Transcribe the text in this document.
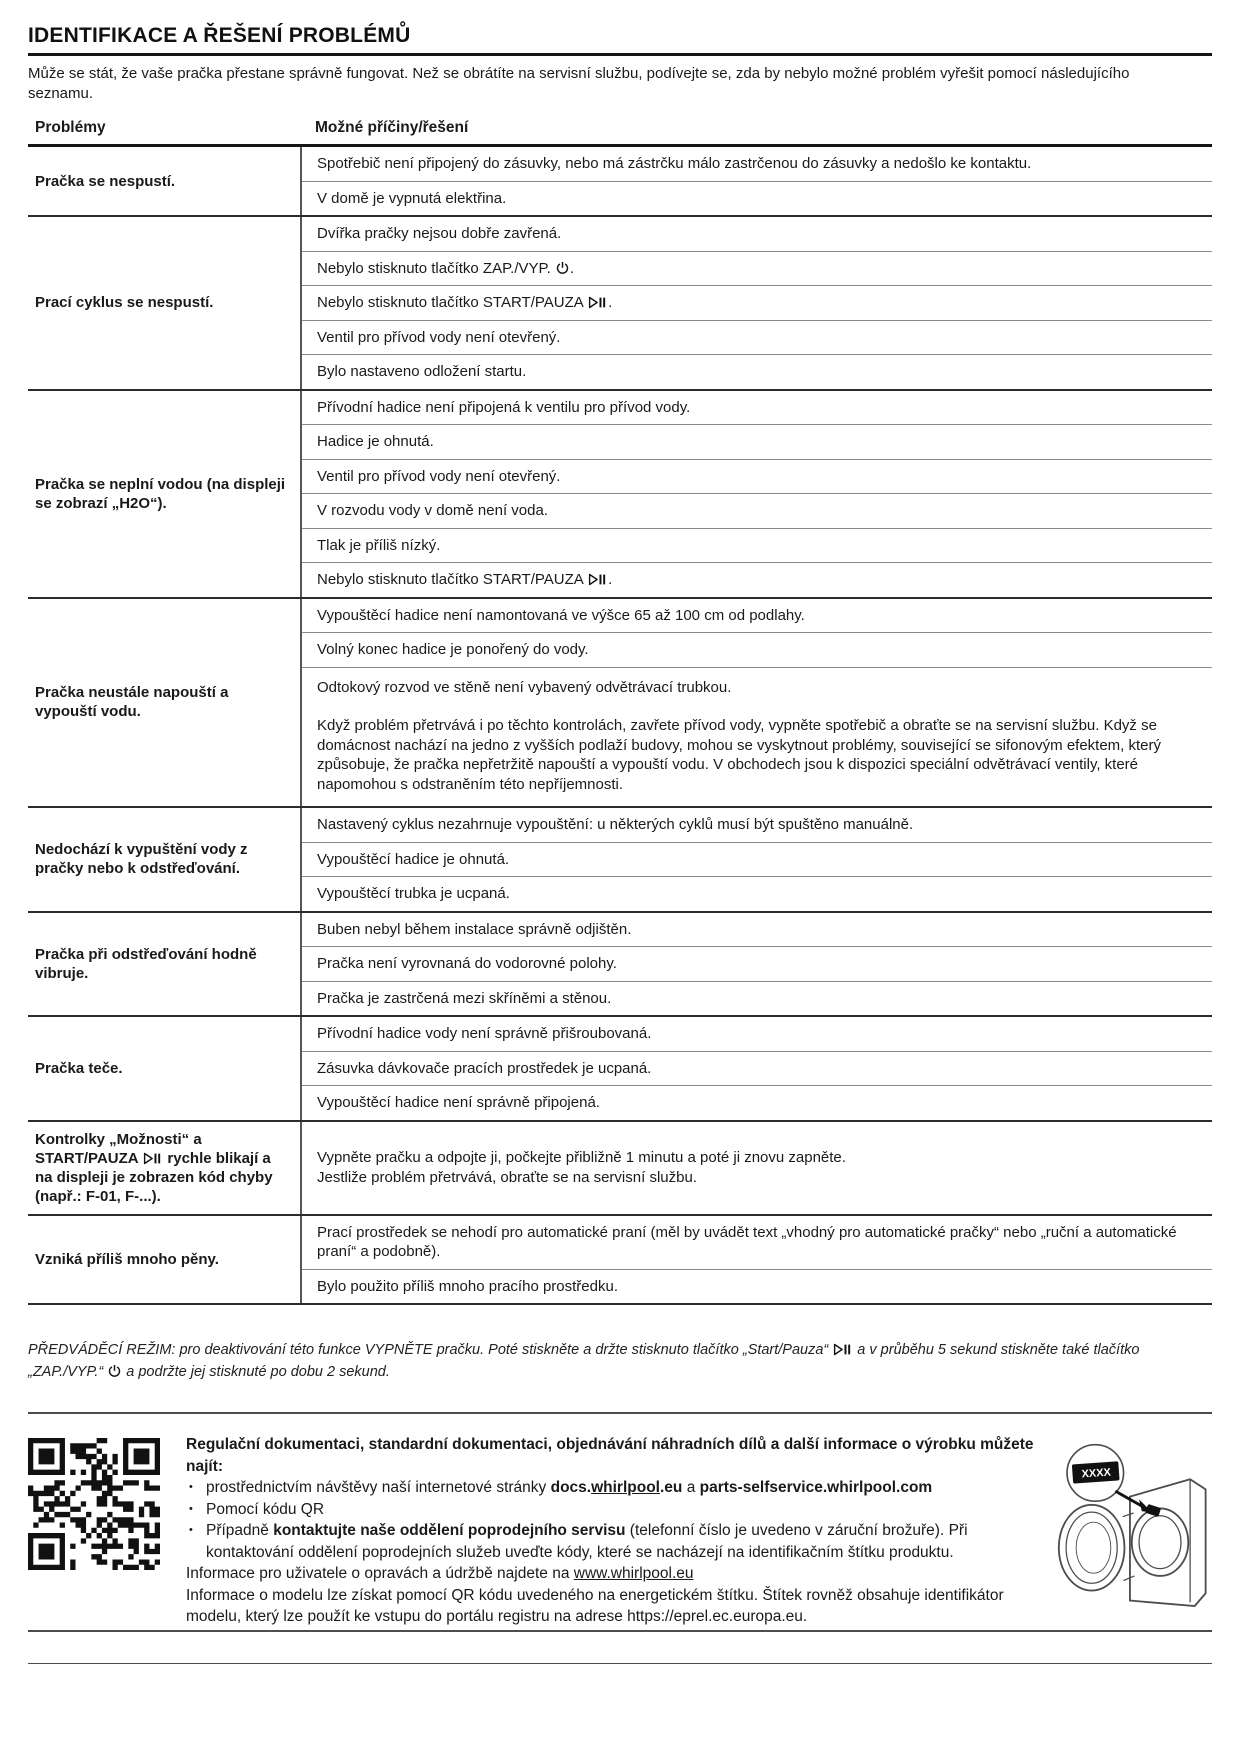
IDENTIFIKACE A ŘEŠENÍ PROBLÉMŮ

Může se stát, že vaše pračka přestane správně fungovat. Než se obrátíte na servisní službu, podívejte se, zda by nebylo možné problém vyřešit pomocí následujícího seznamu.

Problémy	Možné příčiny/řešení
Pračka se nespustí.
Spotřebič není připojený do zásuvky, nebo má zástrčku málo zastrčenou do zásuvky a nedošlo ke kontaktu.
V domě je vypnutá elektřina.
Prací cyklus se nespustí.
Dvířka pračky nejsou dobře zavřená.
Nebylo stisknuto tlačítko ZAP./VYP.
.
Nebylo stisknuto tlačítko START/PAUZA
.
Ventil pro přívod vody není otevřený.
Bylo nastaveno odložení startu.
Pračka se neplní vodou (na displeji se zobrazí „H2O“).
Přívodní hadice není připojená k ventilu pro přívod vody.
Hadice je ohnutá.
Ventil pro přívod vody není otevřený.
V rozvodu vody v domě není voda.
Tlak je příliš nízký.
Nebylo stisknuto tlačítko START/PAUZA
.
Pračka neustále napouští a vypouští vodu.
Vypouštěcí hadice není namontovaná ve výšce 65 až 100 cm od podlahy.
Volný konec hadice je ponořený do vody.
Odtokový rozvod ve stěně není vybavený odvětrávací trubkou.
Když problém přetrvává i po těchto kontrolách, zavřete přívod vody, vypněte spotřebič a obraťte se na servisní službu. Když se domácnost nachází na jedno z vyšších podlaží budovy, mohou se vyskytnout problémy, související se sifonovým efektem, který způsobuje, že pračka nepřetržitě napouští a vypouští vodu. V obchodech jsou k dispozici speciální odvětrávací ventily, které napomohou s odstraněním této nepříjemnosti.
Nedochází k vypuštění vody z pračky nebo k odstřeďování.
Nastavený cyklus nezahrnuje vypouštění: u některých cyklů musí být spuštěno manuálně.
Vypouštěcí hadice je ohnutá.
Vypouštěcí trubka je ucpaná.
Pračka při odstřeďování hodně vibruje.
Buben nebyl během instalace správně odjištěn.
Pračka není vyrovnaná do vodorovné polohy.
Pračka je zastrčená mezi skříněmi a stěnou.
Pračka teče.
Přívodní hadice vody není správně přišroubovaná.
Zásuvka dávkovače pracích prostředek je ucpaná.
Vypouštěcí hadice není správně připojená.
Kontrolky „Možnosti“ a START/PAUZA
rychle blikají a na displeji je zobrazen kód chyby (např.: F-01, F-...).
Vypněte pračku a odpojte ji, počkejte přibližně 1 minutu a poté ji znovu zapněte.
Jestliže problém přetrvává, obraťte se na servisní službu.
Vzniká příliš mnoho pěny.
Prací prostředek se nehodí pro automatické praní (měl by uvádět text „vhodný pro automatické pračky“ nebo „ruční a automatické praní“ a podobně).
Bylo použito příliš mnoho pracího prostředku.

PŘEDVÁDĚCÍ REŽIM: pro deaktivování této funkce VYPNĚTE pračku. Poté stiskněte a držte stisknuto tlačítko „Start/Pauza“
a v průběhu 5 sekund stiskněte také tlačítko „ZAP./VYP.“
a podržte jej stisknuté po dobu 2 sekund.

Regulační dokumentaci, standardní dokumentaci, objednávání náhradních dílů a další informace o výrobku můžete najít:
• prostřednictvím návštěvy naší internetové stránky docs.whirlpool.eu a parts-selfservice.whirlpool.com
• Pomocí kódu QR
• Případně kontaktujte naše oddělení poprodejního servisu (telefonní číslo je uvedeno v záruční brožuře). Při kontaktování oddělení poprodejních služeb uveďte kódy, které se nacházejí na identifikačním štítku produktu.
Informace pro uživatele o opravách a údržbě najdete na www.whirlpool.eu
Informace o modelu lze získat pomocí QR kódu uvedeného na energetickém štítku. Štítek rovněž obsahuje identifikátor modelu, který lze použít ke vstupu do portálu registru na adrese https://eprel.ec.europa.eu.
XXXX
